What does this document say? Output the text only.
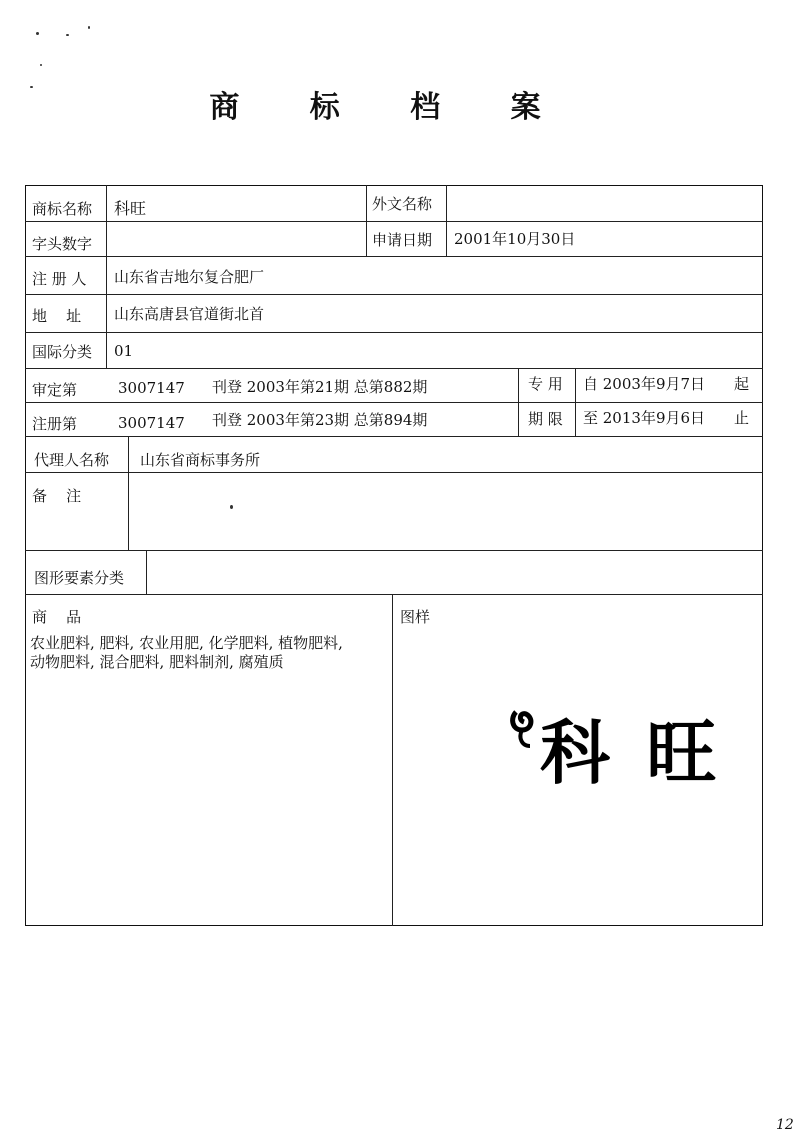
商 标 档 案
商标名称 科旺	外文名称
字头数字	申请日期 2001年10月30日
注 册 人 山东省吉地尔复合肥厂
地    址 山东高唐县官道街北首
国际分类 01
审定第	3007147 刊登 2003年第21期 总第882期	专 用 自 2003年9月7日 起
注册第	3007147 刊登 2003年第23期 总第894期	期 限 至 2013年9月6日 止
代理人名称 山东省商标事务所
备    注
图形要素分类
商    品
农业肥料, 肥料, 农业用肥, 化学肥料, 植物肥料,
动物肥料, 混合肥料, 肥料制剂, 腐殖质
图样
科 旺
12
